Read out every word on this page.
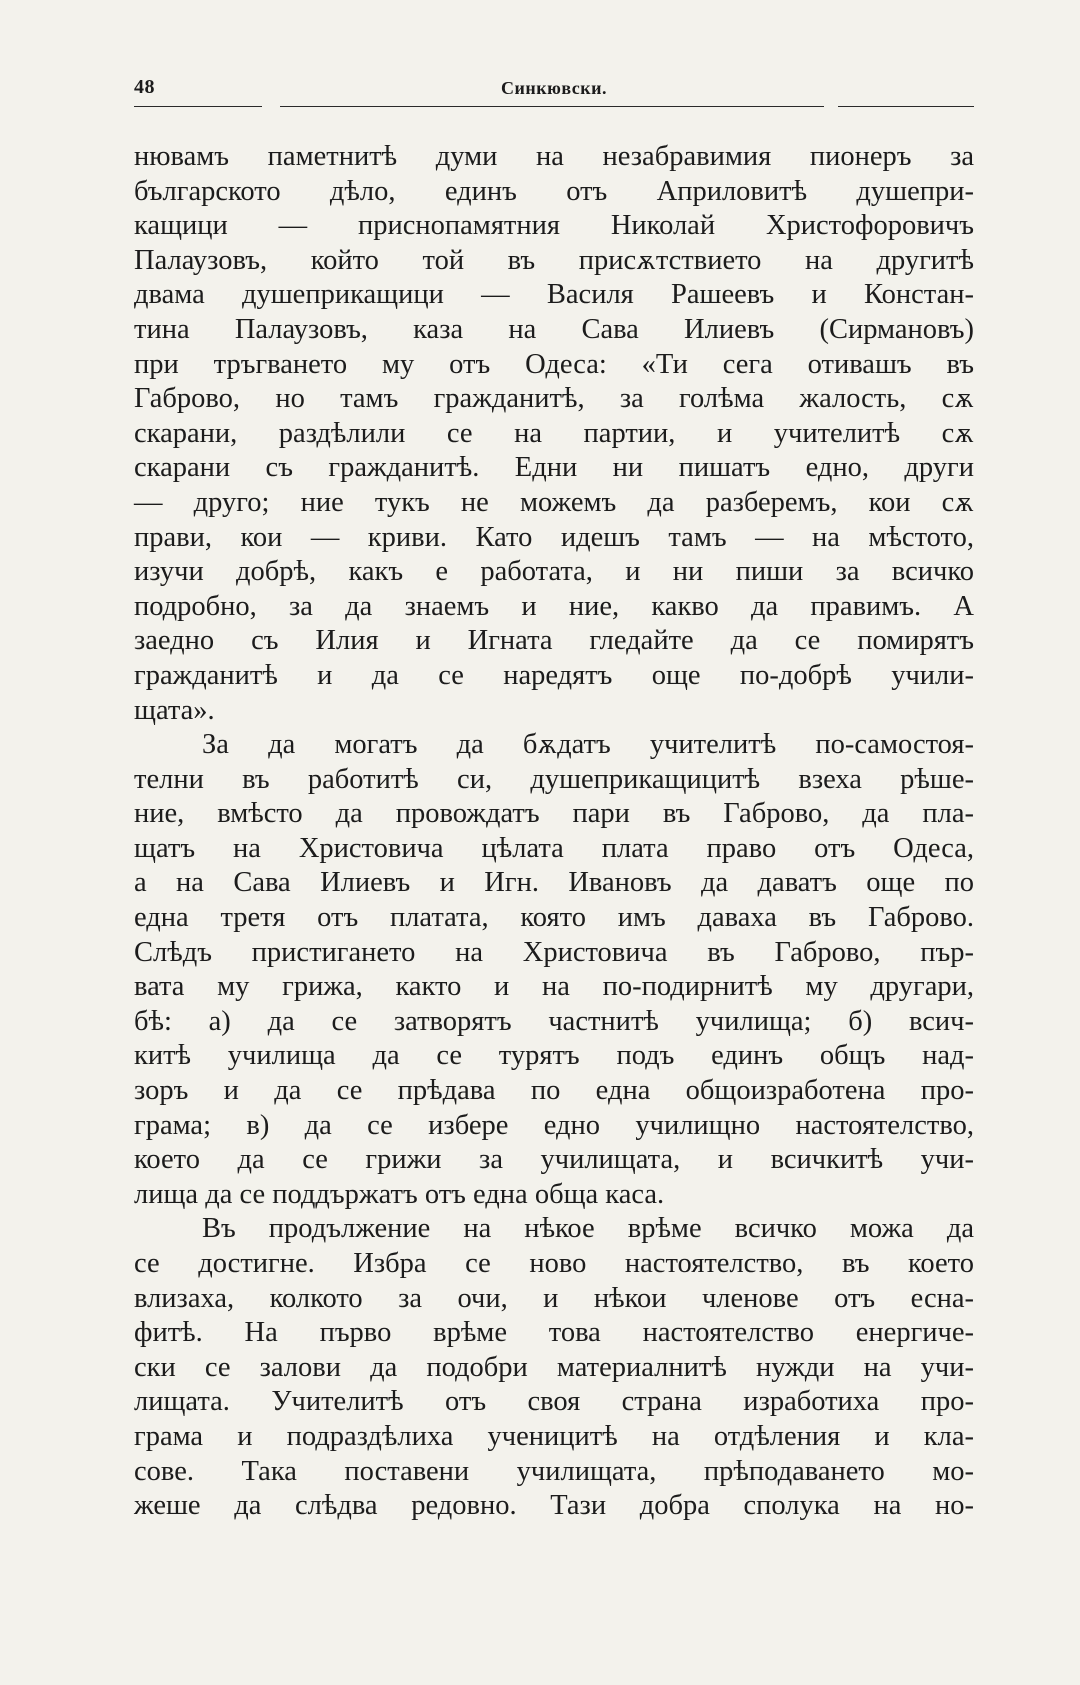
48	Синкювски.
нювамъ паметнитѣ думи на незабравимия пионеръ за
българското дѣло, единъ отъ Априловитѣ душепри-
кащици — приснопамятния Николай Христофоровичъ
Палаузовъ, който той въ присѫтствието на другитѣ
двама душеприкащици — Василя Рашеевъ и Констан-
тина Палаузовъ, каза на Сава Илиевъ (Сирмановъ)
при тръгването му отъ Одеса: «Ти сега отивашъ въ
Габрово, но тамъ гражданитѣ, за голѣма жалость, сѫ
скарани, раздѣлили се на партии, и учителитѣ сѫ
скарани съ гражданитѣ. Едни ни пишатъ едно, други
— друго; ние тукъ не можемъ да разберемъ, кои сѫ
прави, кои — криви. Като идешъ тамъ — на мѣстото,
изучи добрѣ, какъ е работата, и ни пиши за всичко
подробно, за да знаемъ и ние, какво да правимъ. А
заедно съ Илия и Игната гледайте да се помирятъ
гражданитѣ и да се наредятъ още по-добрѣ учили-
щата».
За да могатъ да бѫдатъ учителитѣ по-самостоя-
телни въ работитѣ си, душеприкащицитѣ взеха рѣше-
ние, вмѣсто да провождатъ пари въ Габрово, да пла-
щатъ на Христовича цѣлата плата право отъ Одеса,
а на Сава Илиевъ и Игн. Ивановъ да даватъ още по
една третя отъ платата, която имъ даваха въ Габрово.
Слѣдъ пристигането на Христовича въ Габрово, пър-
вата му грижа, както и на по-подирнитѣ му другари,
бѣ: а) да се затворятъ частнитѣ училища; б) всич-
китѣ училища да се турятъ подъ единъ общъ над-
зоръ и да се прѣдава по една общоизработена про-
грама; в) да се избере едно училищно настоятелство,
което да се грижи за училищата, и всичкитѣ учи-
лища да се поддържатъ отъ една обща каса.
Въ продължение на нѣкое врѣме всичко можа да
се достигне. Избра се ново настоятелство, въ което
влизаха, колкото за очи, и нѣкои членове отъ есна-
фитѣ. На първо врѣме това настоятелство енергиче-
ски се залови да подобри материалнитѣ нужди на учи-
лищата. Учителитѣ отъ своя страна изработиха про-
грама и подраздѣлиха ученицитѣ на отдѣления и кла-
сове. Така поставени училищата, прѣподаването мо-
жеше да слѣдва редовно. Тази добра сполука на но-
